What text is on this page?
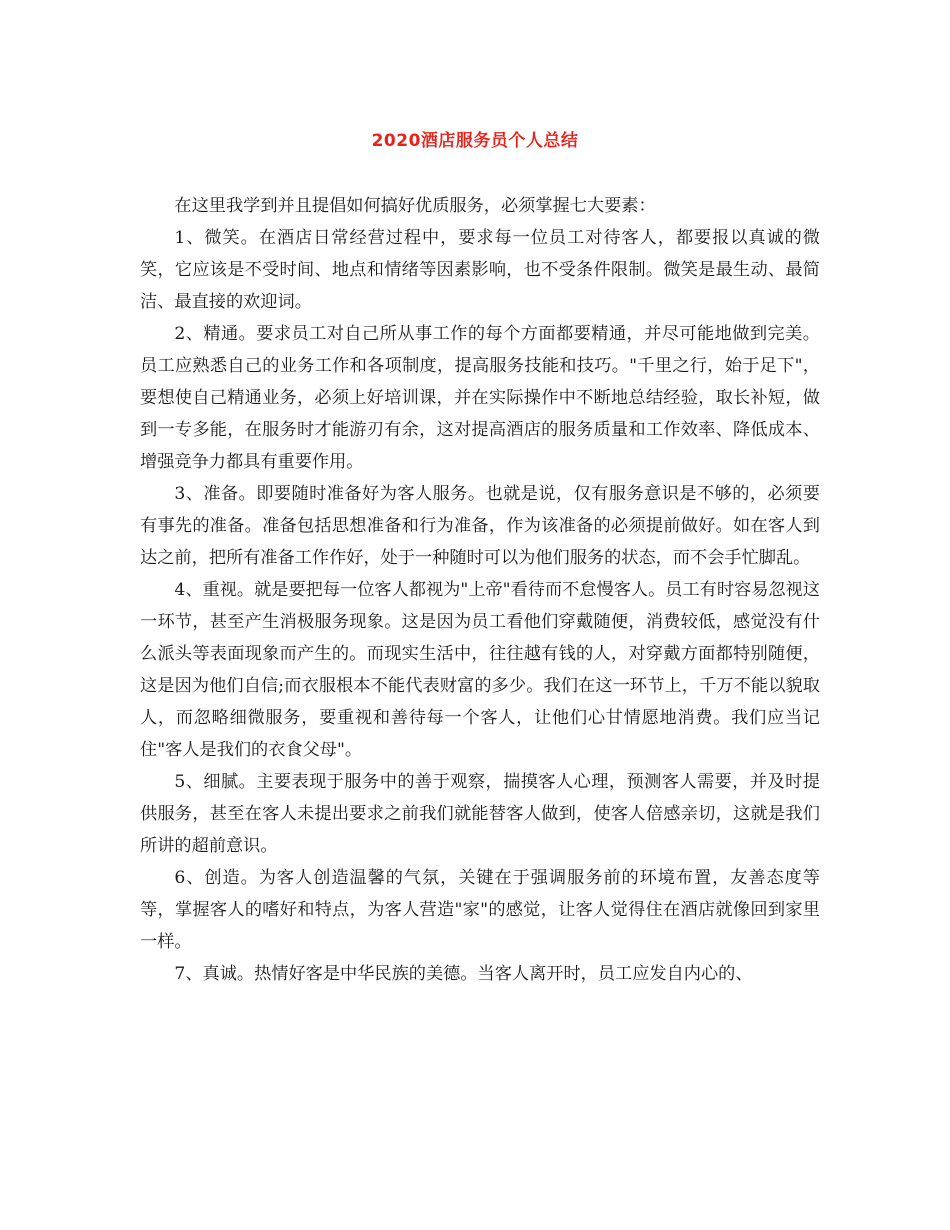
2020酒店服务员个人总结

在这里我学到并且提倡如何搞好优质服务，必须掌握七大要素：

1、微笑。在酒店日常经营过程中，要求每一位员工对待客人，都要报以真诚的微笑，它应该是不受时间、地点和情绪等因素影响，也不受条件限制。微笑是最生动、最简洁、最直接的欢迎词。

2、精通。要求员工对自己所从事工作的每个方面都要精通，并尽可能地做到完美。员工应熟悉自己的业务工作和各项制度，提高服务技能和技巧。"千里之行，始于足下"，要想使自己精通业务，必须上好培训课，并在实际操作中不断地总结经验，取长补短，做到一专多能，在服务时才能游刃有余，这对提高酒店的服务质量和工作效率、降低成本、增强竞争力都具有重要作用。

3、准备。即要随时准备好为客人服务。也就是说，仅有服务意识是不够的，必须要有事先的准备。准备包括思想准备和行为准备，作为该准备的必须提前做好。如在客人到达之前，把所有准备工作作好，处于一种随时可以为他们服务的状态，而不会手忙脚乱。

4、重视。就是要把每一位客人都视为"上帝"看待而不怠慢客人。员工有时容易忽视这一环节，甚至产生消极服务现象。这是因为员工看他们穿戴随便，消费较低，感觉没有什么派头等表面现象而产生的。而现实生活中，往往越有钱的人，对穿戴方面都特别随便，这是因为他们自信;而衣服根本不能代表财富的多少。我们在这一环节上，千万不能以貌取人，而忽略细微服务，要重视和善待每一个客人，让他们心甘情愿地消费。我们应当记住"客人是我们的衣食父母"。

5、细腻。主要表现于服务中的善于观察，揣摸客人心理，预测客人需要，并及时提供服务，甚至在客人未提出要求之前我们就能替客人做到，使客人倍感亲切，这就是我们所讲的超前意识。

6、创造。为客人创造温馨的气氛，关键在于强调服务前的环境布置，友善态度等等，掌握客人的嗜好和特点，为客人营造"家"的感觉，让客人觉得住在酒店就像回到家里一样。

7、真诚。热情好客是中华民族的美德。当客人离开时，员工应发自内心的、
